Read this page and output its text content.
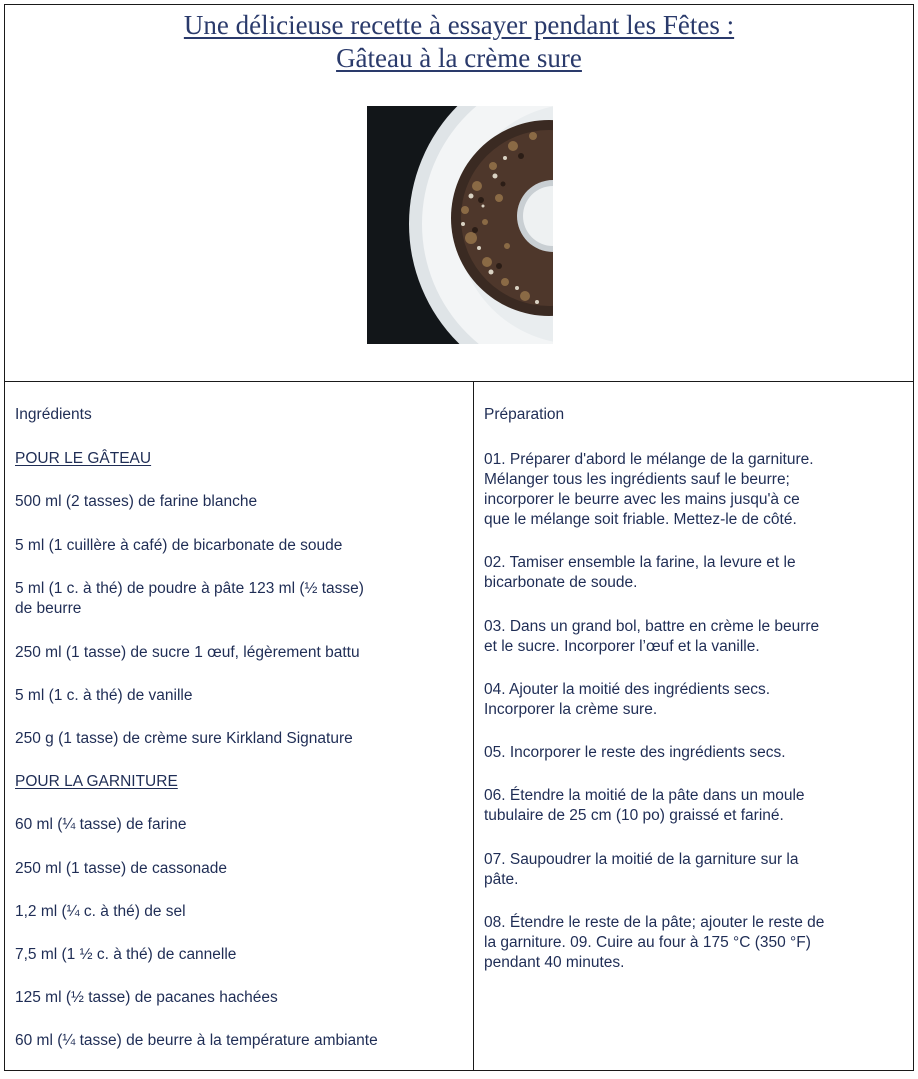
Une délicieuse recette à essayer pendant les Fêtes :
Gâteau à la crème sure
Ingrédients
POUR LE GÂTEAU
500 ml (2 tasses) de farine blanche
5 ml (1 cuillère à café) de bicarbonate de soude
5 ml (1 c. à thé) de poudre à pâte 123 ml (½ tasse)
de beurre
250 ml (1 tasse) de sucre 1 œuf, légèrement battu
5 ml (1 c. à thé) de vanille
250 g (1 tasse) de crème sure Kirkland Signature
POUR LA GARNITURE
60 ml (¼ tasse) de farine
250 ml (1 tasse) de cassonade
1,2 ml (¼ c. à thé) de sel
7,5 ml (1 ½ c. à thé) de cannelle
125 ml (½ tasse) de pacanes hachées
60 ml (¼ tasse) de beurre à la température ambiante
Préparation
01. Préparer d'abord le mélange de la garniture.
Mélanger tous les ingrédients sauf le beurre;
incorporer le beurre avec les mains jusqu'à ce
que le mélange soit friable. Mettez-le de côté.
02. Tamiser ensemble la farine, la levure et le
bicarbonate de soude.
03. Dans un grand bol, battre en crème le beurre
et le sucre. Incorporer l’œuf et la vanille.
04. Ajouter la moitié des ingrédients secs.
Incorporer la crème sure.
05. Incorporer le reste des ingrédients secs.
06. Étendre la moitié de la pâte dans un moule
tubulaire de 25 cm (10 po) graissé et fariné.
07. Saupoudrer la moitié de la garniture sur la
pâte.
08. Étendre le reste de la pâte; ajouter le reste de
la garniture. 09. Cuire au four à 175 °C (350 °F)
pendant 40 minutes.
